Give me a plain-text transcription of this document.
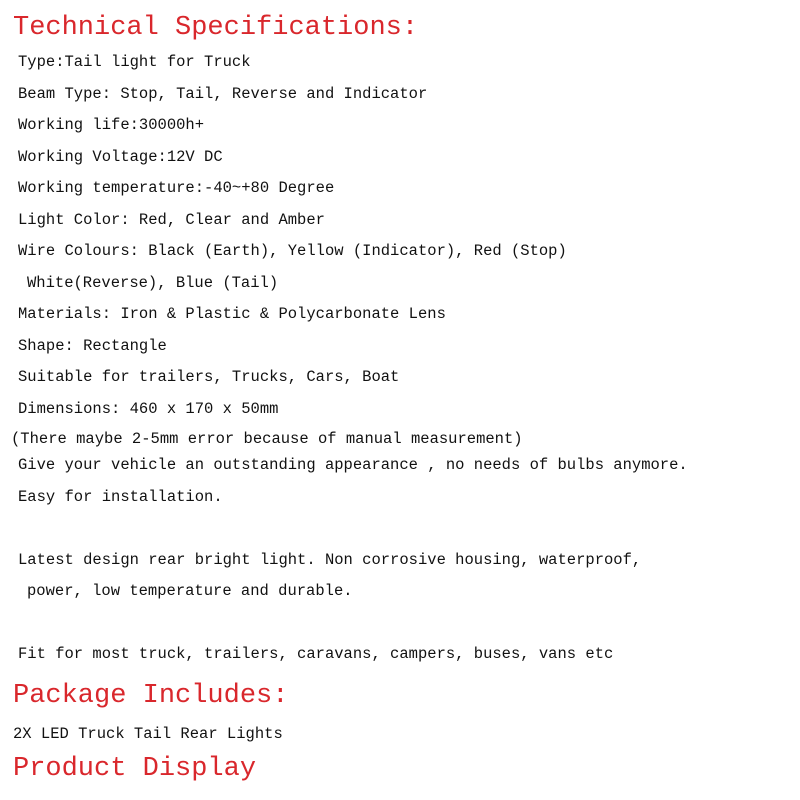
Technical Specifications:
Type:Tail light for Truck
Beam Type: Stop, Tail, Reverse and Indicator
Working life:30000h+
Working Voltage:12V DC
Working temperature:-40~+80 Degree
Light Color: Red, Clear and Amber
Wire Colours: Black (Earth), Yellow (Indicator), Red (Stop)
White(Reverse), Blue (Tail)
Materials: Iron & Plastic & Polycarbonate Lens
Shape: Rectangle
Suitable for trailers, Trucks, Cars, Boat
Dimensions: 460 x 170 x 50mm
(There maybe 2-5mm error because of manual measurement)
Give your vehicle an outstanding appearance , no needs of bulbs anymore.
Easy for installation.
Latest design rear bright light. Non corrosive housing, waterproof,
power, low temperature and durable.
Fit for most truck, trailers, caravans, campers, buses, vans etc
Package Includes:
2X LED Truck Tail Rear Lights
Product Display
